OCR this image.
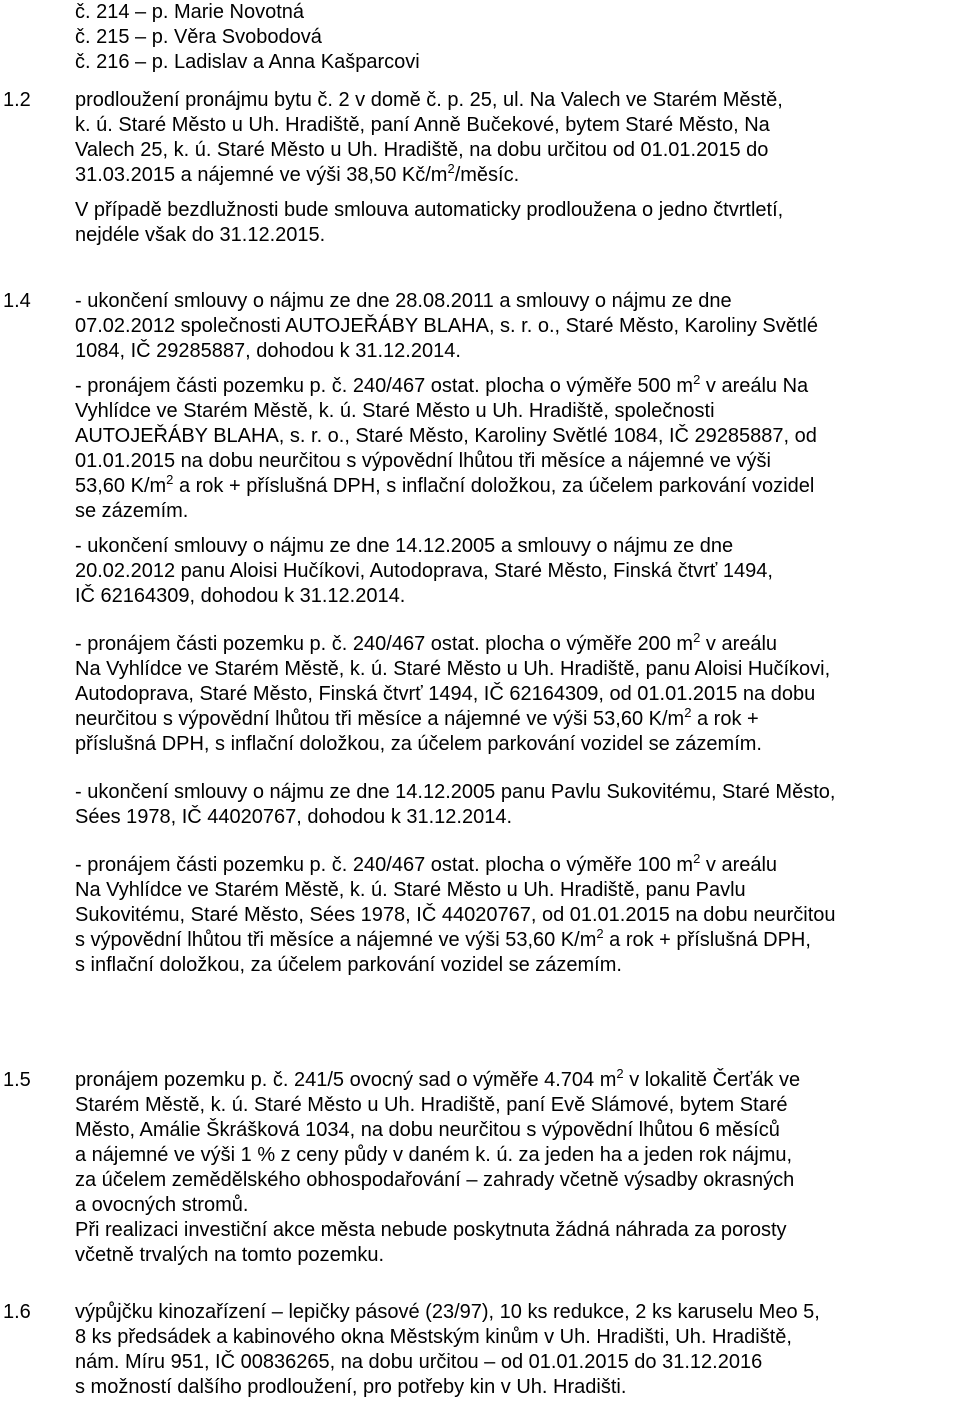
č. 214 – p. Marie Novotná
č. 215 – p. Věra Svobodová
č. 216 – p. Ladislav a Anna Kašparcovi
1.2 prodloužení pronájmu bytu č. 2 v domě č. p. 25, ul. Na Valech ve Starém Městě,

k. ú. Staré Město u Uh. Hradiště, paní Anně Bučekové, bytem Staré Město, Na

Valech 25, k. ú. Staré Město u Uh. Hradiště, na dobu určitou od 01.01.2015 do

31.03.2015 a nájemné ve výši 38,50 $Kč/m^2$/měsíc.

V případě bezdlužnosti bude smlouva automaticky prodloužena o jedno čtvrtletí,

nejdéle však do 31.12.2015.

1.4 - ukončení smlouvy o nájmu ze dne 28.08.2011 a smlouvy o nájmu ze dne

07.02.2012 společnosti AUTOJEŘÁBY BLAHA, s. r. o., Staré Město, Karoliny Světlé

1084, IČ 29285887, dohodou k 31.12.2014.

- pronájem části pozemku p. č. 240/467 ostat. plocha o výměře 500 $m^2$ v areálu Na

Vyhlídce ve Starém Městě, k. ú. Staré Město u Uh. Hradiště, společnosti

AUTOJEŘÁBY BLAHA, s. r. o., Staré Město, Karoliny Světlé 1084, IČ 29285887, od

01.01.2015 na dobu neurčitou s výpovědní lhůtou tři měsíce a nájemné ve výši

53,60 $K/m^2$ a rok + příslušná DPH, s inflační doložkou, za účelem parkování vozidel

se zázemím.

- ukončení smlouvy o nájmu ze dne 14.12.2005 a smlouvy o nájmu ze dne

20.02.2012 panu Aloisi Hučíkovi, Autodoprava, Staré Město, Finská čtvrť 1494,

IČ 62164309, dohodou k 31.12.2014.

- pronájem části pozemku p. č. 240/467 ostat. plocha o výměře 200 $m^2$ v areálu

Na Vyhlídce ve Starém Městě, k. ú. Staré Město u Uh. Hradiště, panu Aloisi Hučíkovi,

Autodoprava, Staré Město, Finská čtvrť 1494, IČ 62164309, od 01.01.2015 na dobu

neurčitou s výpovědní lhůtou tři měsíce a nájemné ve výši 53,60 $K/m^2$ a rok +

příslušná DPH, s inflační doložkou, za účelem parkování vozidel se zázemím.

- ukončení smlouvy o nájmu ze dne 14.12.2005 panu Pavlu Sukovitému, Staré Město,

Sées 1978, IČ 44020767, dohodou k 31.12.2014.

- pronájem části pozemku p. č. 240/467 ostat. plocha o výměře 100 $m^2$ v areálu

Na Vyhlídce ve Starém Městě, k. ú. Staré Město u Uh. Hradiště, panu Pavlu

Sukovitému, Staré Město, Sées 1978, IČ 44020767, od 01.01.2015 na dobu neurčitou

s výpovědní lhůtou tři měsíce a nájemné ve výši 53,60 $K/m^2$ a rok + příslušná DPH,

s inflační doložkou, za účelem parkování vozidel se zázemím.

1.5 pronájem pozemku p. č. 241/5 ovocný sad o výměře 4.704 $m^2$ v lokalitě Čerťák ve

Starém Městě, k. ú. Staré Město u Uh. Hradiště, paní Evě Slámové, bytem Staré

Město, Amálie Škrášková 1034, na dobu neurčitou s výpovědní lhůtou 6 měsíců

a nájemné ve výši 1 % z ceny půdy v daném k. ú. za jeden ha a jeden rok nájmu,

za účelem zemědělského obhospodařování – zahrady včetně výsadby okrasných

a ovocných stromů.

Při realizaci investiční akce města nebude poskytnuta žádná náhrada za porosty

včetně trvalých na tomto pozemku.

1.6 výpůjčku kinozařízení – lepičky pásové (23/97), 10 ks redukce, 2 ks karuselu Meo 5,

8 ks předsádek a kabinového okna Městským kinům v Uh. Hradišti, Uh. Hradiště,

nám. Míru 951, IČ 00836265, na dobu určitou – od 01.01.2015 do 31.12.2016

s možností dalšího prodloužení, pro potřeby kin v Uh. Hradišti.
